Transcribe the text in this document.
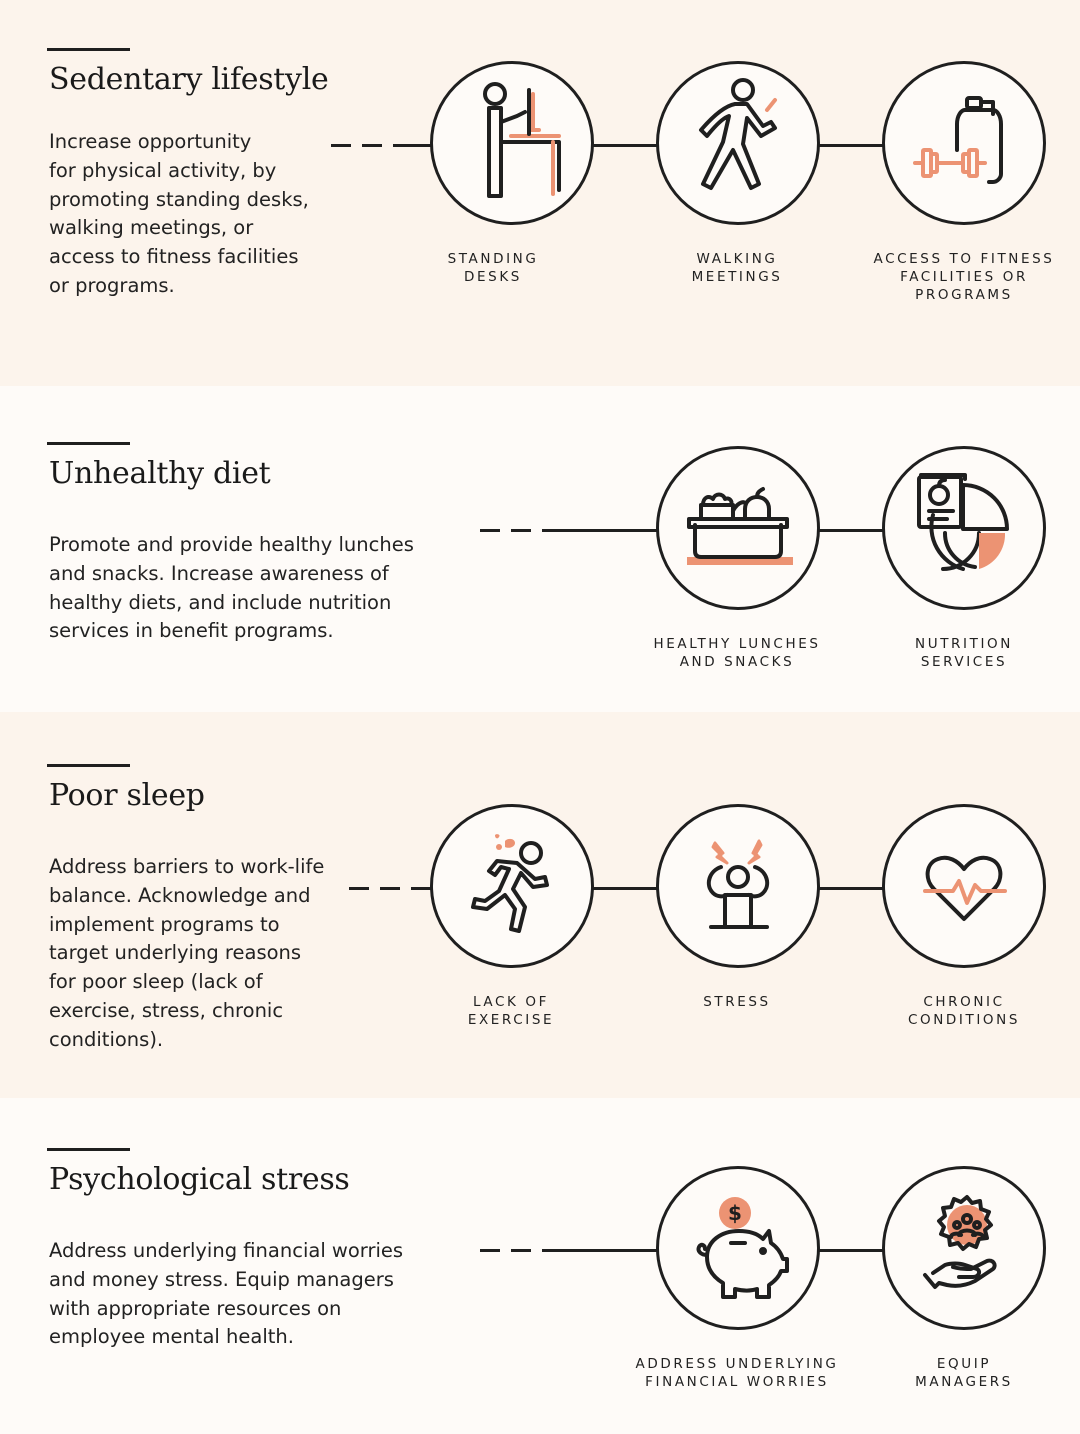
Sedentary lifestyle

Increase opportunity
for physical activity, by
promoting standing desks,
walking meetings, or
access to fitness facilities
or programs.

STANDING
DESKS
WALKING
MEETINGS
ACCESS TO FITNESS
FACILITIES OR
PROGRAMS
Unhealthy diet

Promote and provide healthy lunches
and snacks. Increase awareness of
healthy diets, and include nutrition
services in benefit programs.

HEALTHY LUNCHES
AND SNACKS
NUTRITION
SERVICES
Poor sleep

Address barriers to work-life
balance. Acknowledge and
implement programs to
target underlying reasons
for poor sleep (lack of
exercise, stress, chronic
conditions).

LACK OF
EXERCISE
STRESS	CHRONIC
CONDITIONS
Psychological stress

Address underlying financial worries
and money stress. Equip managers
with appropriate resources on
employee mental health.

$
ADDRESS UNDERLYING
FINANCIAL WORRIES
EQUIP
MANAGERS
